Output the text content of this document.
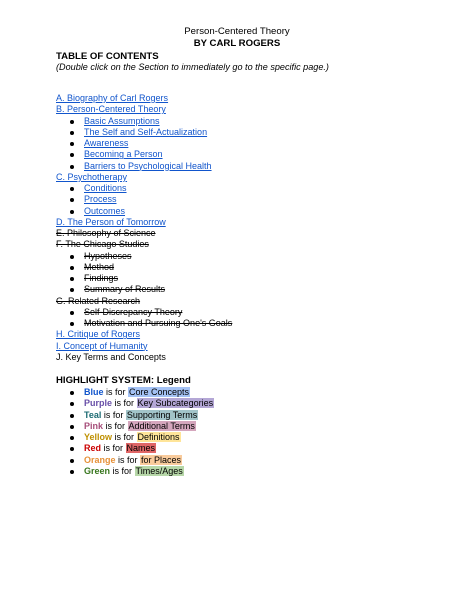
Person-Centered Theory
BY CARL ROGERS
TABLE OF CONTENTS
(Double click on the Section to immediately go to the specific page.)
A. Biography of Carl Rogers
B. Person-Centered Theory
Basic Assumptions
The Self and Self-Actualization
Awareness
Becoming a Person
Barriers to Psychological Health
C. Psychotherapy
Conditions
Process
Outcomes
D. The Person of Tomorrow
E. Philosophy of Science
F. The Chicago Studies
Hypotheses
Method
Findings
Summary of Results
G. Related Research
Self-Discrepancy Theory
Motivation and Pursuing One's Goals
H. Critique of Rogers
I. Concept of Humanity
J. Key Terms and Concepts
HIGHLIGHT SYSTEM: Legend
Blue is for Core Concepts
Purple is for Key Subcategories
Teal is for Supporting Terms
Pink is for Additional Terms
Yellow is for Definitions
Red is for Names
Orange is for for Places
Green is for Times/Ages
